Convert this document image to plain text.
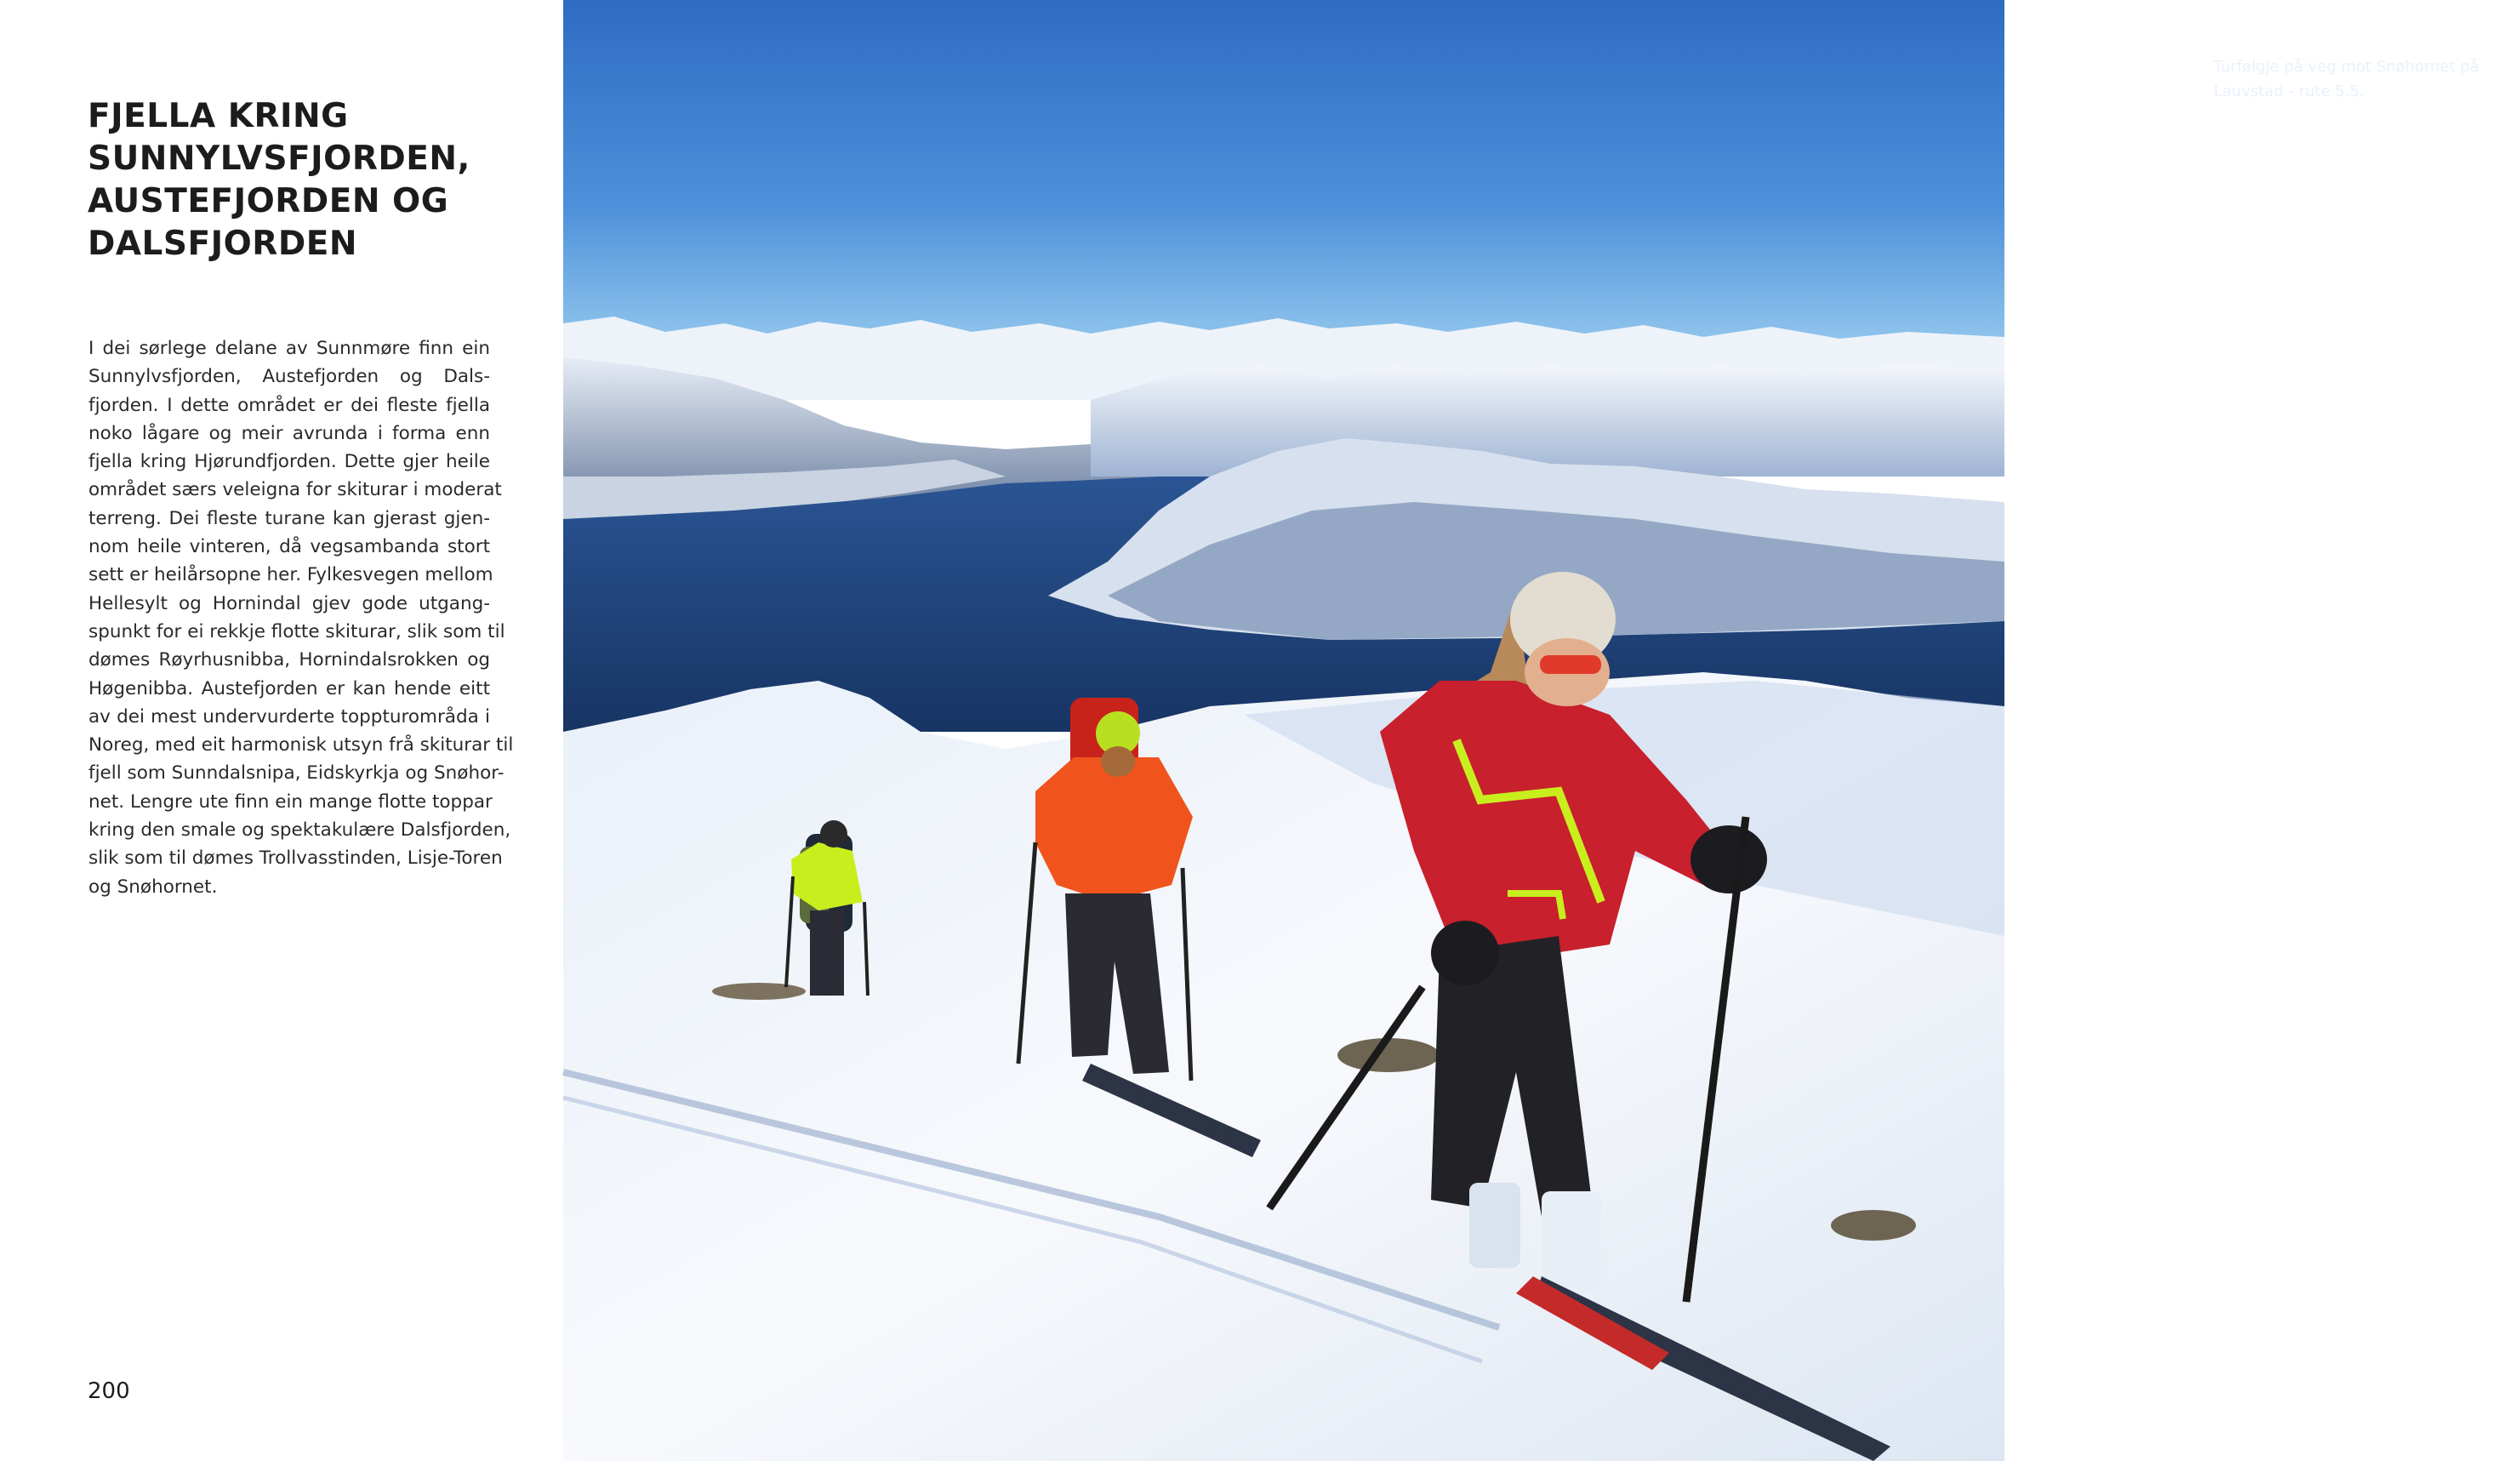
FJELLA KRING
SUNNYLVSFJORDEN,
AUSTEFJORDEN OG
DALSFJORDEN
I dei sørlege delane av Sunnmøre finn ein
Sunnylvsfjorden, Austefjorden og Dals-
fjorden. I dette området er dei fleste fjella
noko lågare og meir avrunda i forma enn
fjella kring Hjørundfjorden. Dette gjer heile
området særs veleigna for skiturar i moderat
terreng. Dei fleste turane kan gjerast gjen-
nom heile vinteren, då vegsambanda stort
sett er heilårsopne her. Fylkesvegen mellom
Hellesylt og Hornindal gjev gode utgang-
spunkt for ei rekkje flotte skiturar, slik som til
dømes Røyrhusnibba, Hornindalsrokken og
Høgenibba. Austefjorden er kan hende eitt
av dei mest undervurderte toppturområda i
Noreg, med eit harmonisk utsyn frå skiturar til
fjell som Sunndalsnipa, Eidskyrkja og Snøhor-
net. Lengre ute finn ein mange flotte toppar
kring den smale og spektakulære Dalsfjorden,
slik som til dømes Trollvasstinden, Lisje-Toren
og Snøhornet.
200
Turfølgje på veg mot Snøhornet på
Lauvstad - rute 5.5.
